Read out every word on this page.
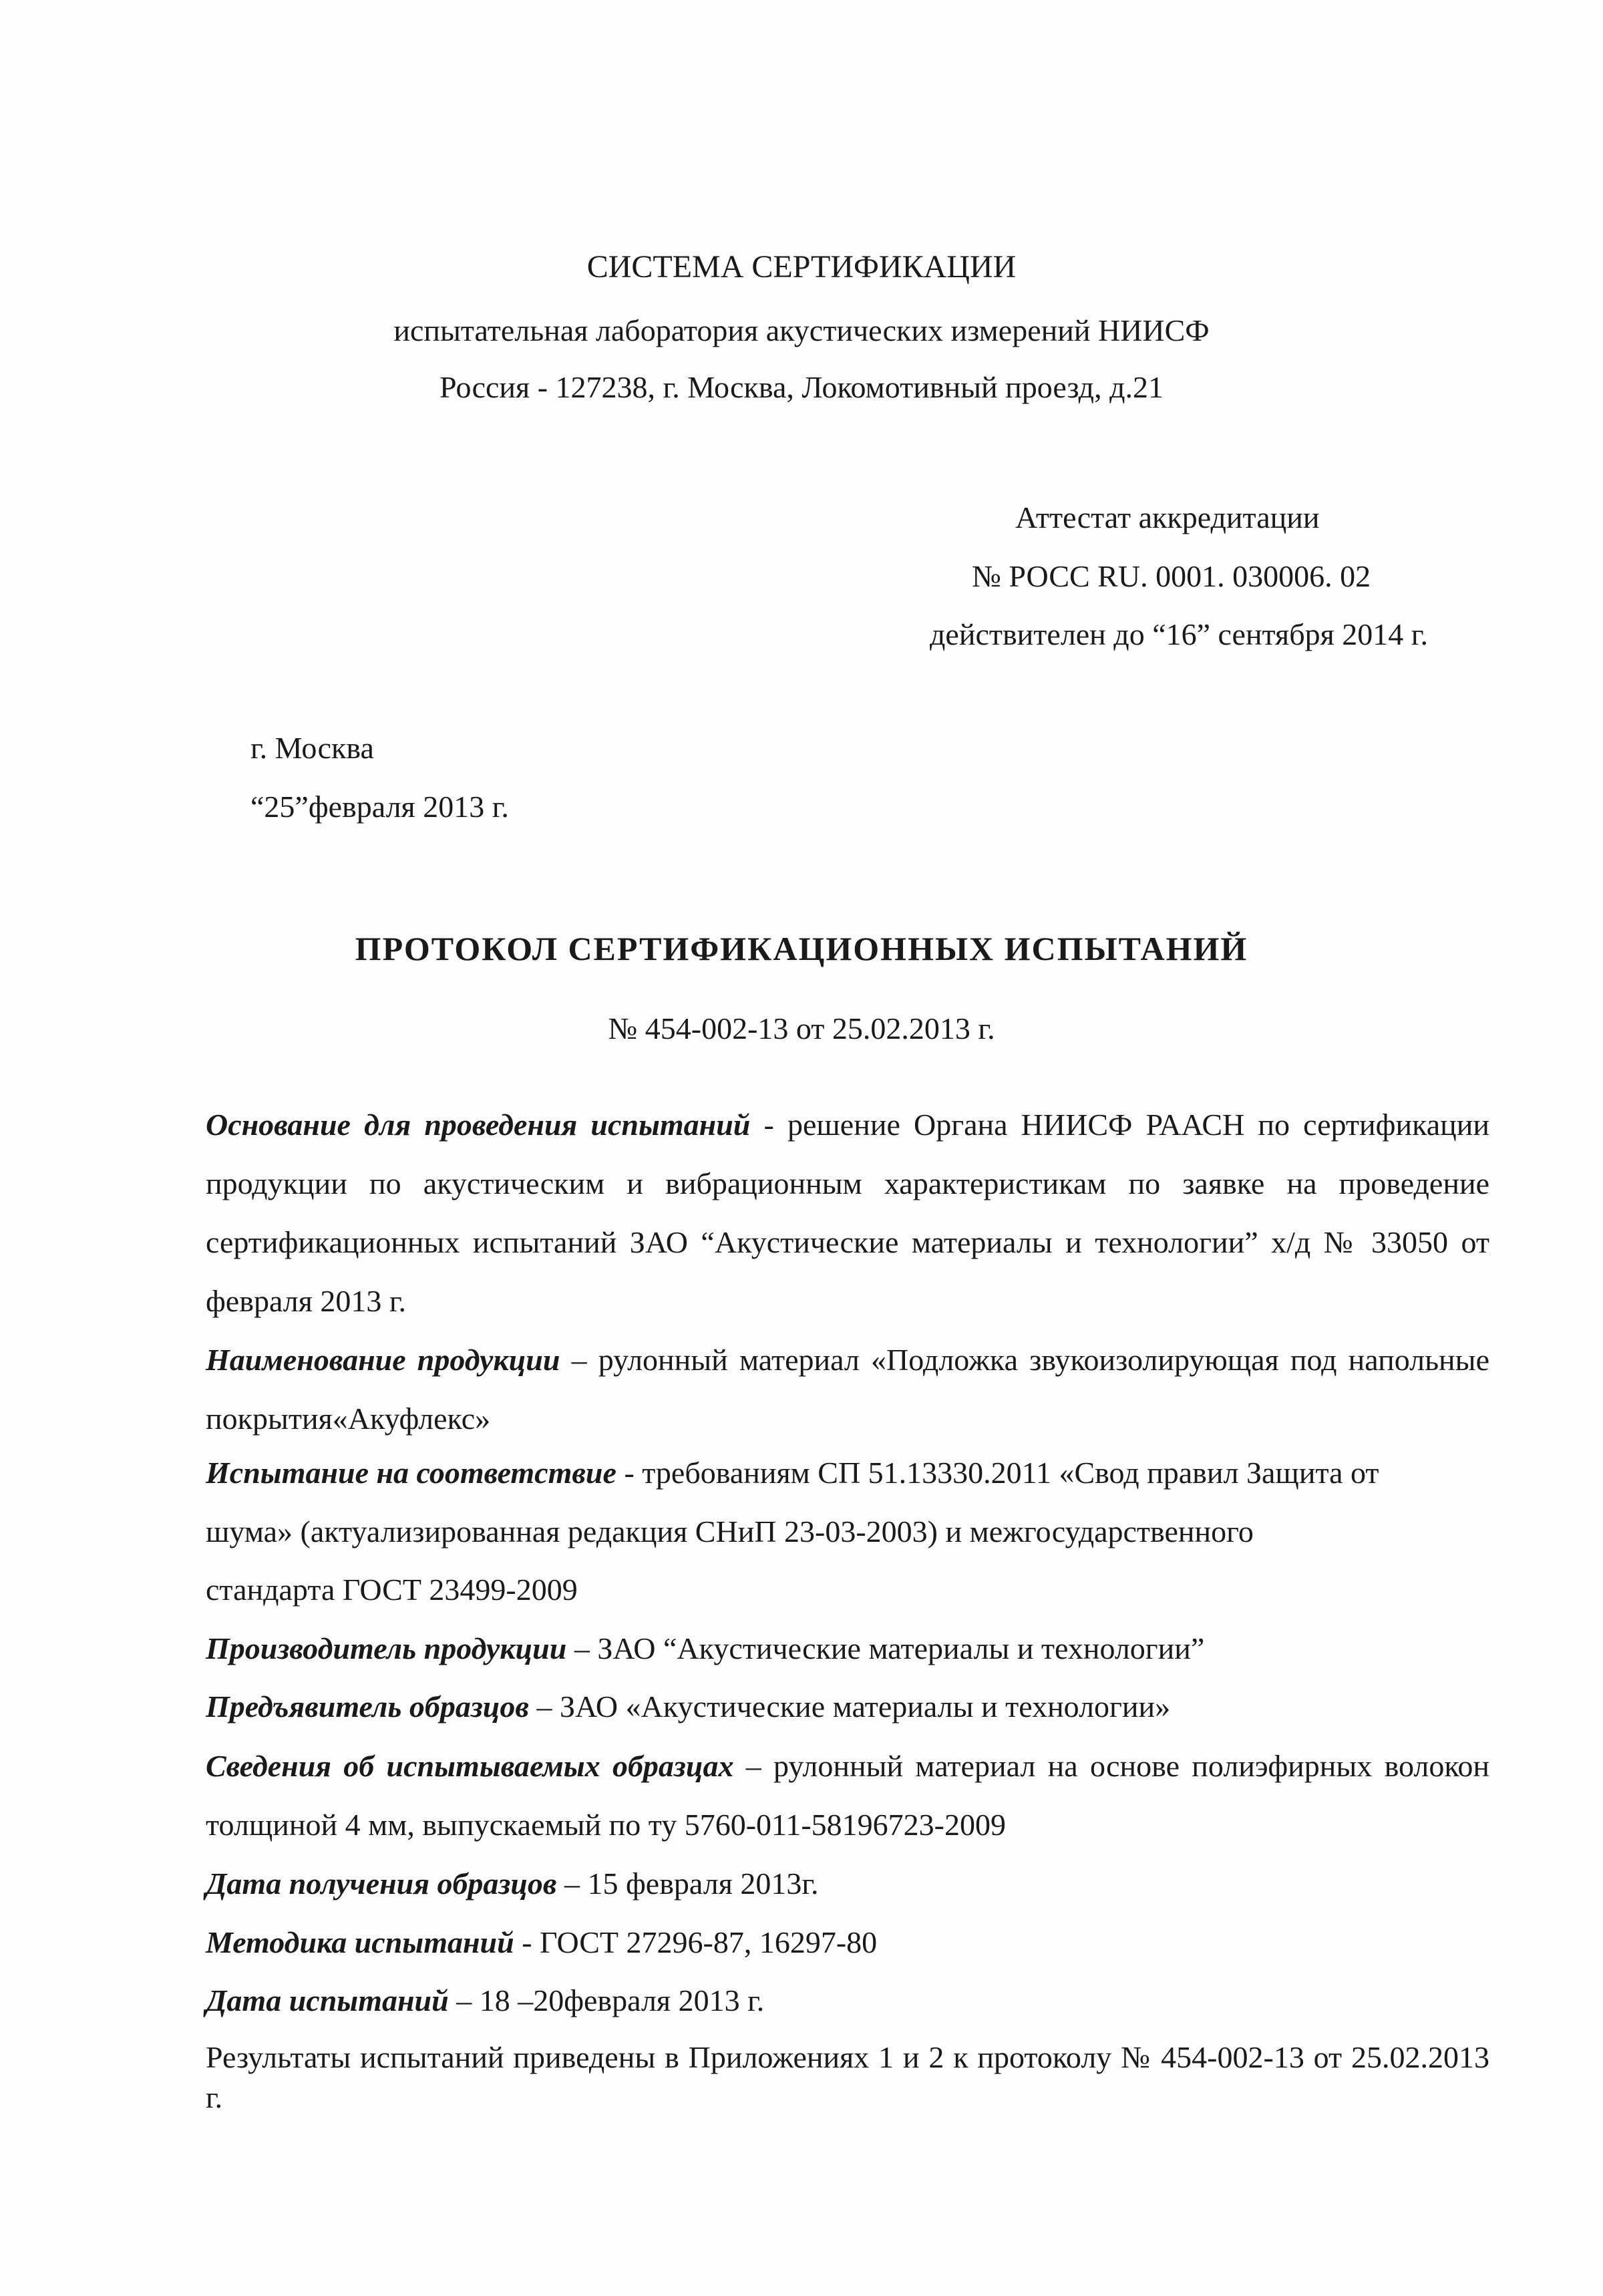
СИСТЕМА СЕРТИФИКАЦИИ
испытательная лаборатория акустических измерений НИИСФ
Россия - 127238, г. Москва, Локомотивный проезд, д.21
Аттестат аккредитации
№ РОСС RU. 0001. 030006. 02
действителен до “16” сентября 2014 г.
г. Москва
“25”февраля 2013 г.
ПРОТОКОЛ СЕРТИФИКАЦИОННЫХ ИСПЫТАНИЙ
№ 454-002-13 от 25.02.2013 г.
Основание для проведения испытаний - решение Органа НИИСФ РААСН по сертификации продукции по акустическим и вибрационным характеристикам по заявке на проведение сертификационных испытаний ЗАО “Акустические материалы и технологии” х/д № 33050 от февраля 2013 г.
Наименование продукции – рулонный материал «Подложка звукоизолирующая под напольные покрытия«Акуфлекс»
Испытание на соответствие - требованиям СП 51.13330.2011 «Свод правил Защита от
шума» (актуализированная редакция СНиП 23-03-2003) и межгосударственного
стандарта ГОСТ 23499-2009
Производитель продукции – ЗАО “Акустические материалы и технологии”
Предъявитель образцов – ЗАО «Акустические материалы и технологии»
Сведения об испытываемых образцах – рулонный материал на основе полиэфирных волокон толщиной 4 мм, выпускаемый по ту 5760-011-58196723-2009
Дата получения образцов – 15 февраля 2013г.
Методика испытаний - ГОСТ 27296-87, 16297-80
Дата испытаний – 18 –20февраля 2013 г.
Результаты испытаний приведены в Приложениях 1 и 2 к протоколу № 454-002-13 от 25.02.2013 г.
